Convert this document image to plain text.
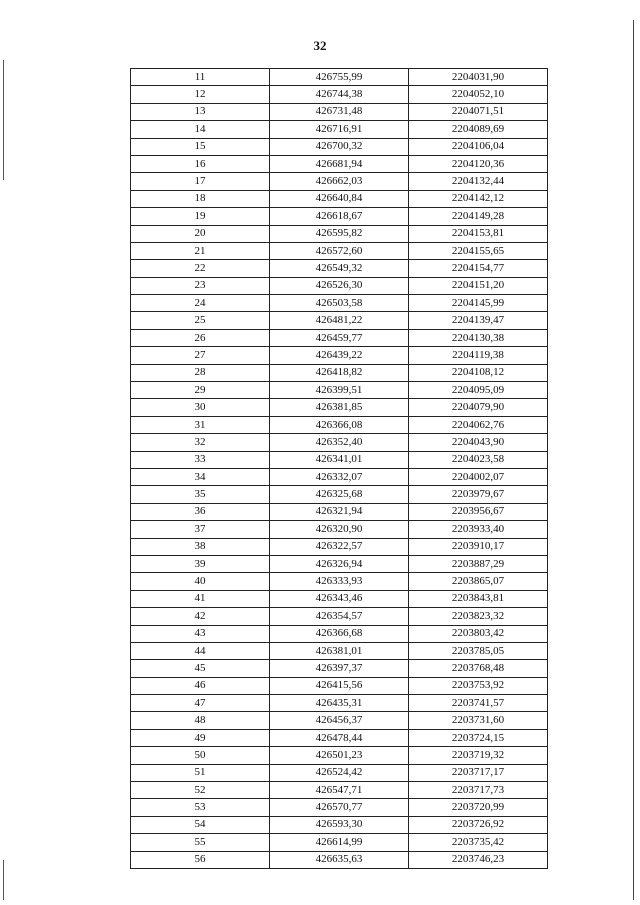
32
11	426755,99	2204031,90
12	426744,38	2204052,10
13	426731,48	2204071,51
14	426716,91	2204089,69
15	426700,32	2204106,04
16	426681,94	2204120,36
17	426662,03	2204132,44
18	426640,84	2204142,12
19	426618,67	2204149,28
20	426595,82	2204153,81
21	426572,60	2204155,65
22	426549,32	2204154,77
23	426526,30	2204151,20
24	426503,58	2204145,99
25	426481,22	2204139,47
26	426459,77	2204130,38
27	426439,22	2204119,38
28	426418,82	2204108,12
29	426399,51	2204095,09
30	426381,85	2204079,90
31	426366,08	2204062,76
32	426352,40	2204043,90
33	426341,01	2204023,58
34	426332,07	2204002,07
35	426325,68	2203979,67
36	426321,94	2203956,67
37	426320,90	2203933,40
38	426322,57	2203910,17
39	426326,94	2203887,29
40	426333,93	2203865,07
41	426343,46	2203843,81
42	426354,57	2203823,32
43	426366,68	2203803,42
44	426381,01	2203785,05
45	426397,37	2203768,48
46	426415,56	2203753,92
47	426435,31	2203741,57
48	426456,37	2203731,60
49	426478,44	2203724,15
50	426501,23	2203719,32
51	426524,42	2203717,17
52	426547,71	2203717,73
53	426570,77	2203720,99
54	426593,30	2203726,92
55	426614,99	2203735,42
56	426635,63	2203746,23
